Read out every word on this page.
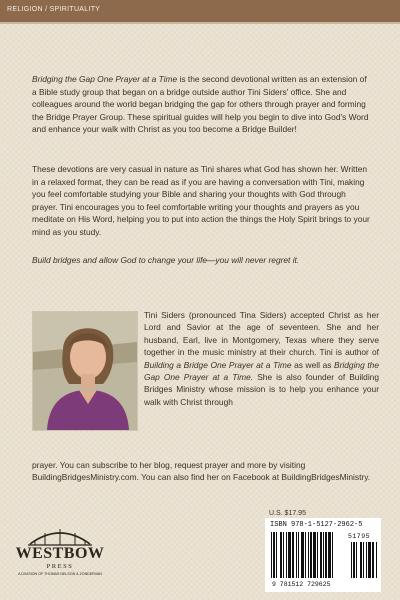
RELIGION / SPIRITUALITY

Bridging the Gap One Prayer at a Time is the second devotional written as an extension of a Bible study group that began on a bridge outside author Tini Siders' office. She and colleagues around the world began bridging the gap for others through prayer and forming the Bridge Prayer Group. These spiritual guides will help you begin to dive into God's Word and enhance your walk with Christ as you too become a Bridge Builder!

These devotions are very casual in nature as Tini shares what God has shown her. Written in a relaxed format, they can be read as if you are having a conversation with Tini, making you feel comfortable studying your Bible and sharing your thoughts with God through prayer. Tini encourages you to feel comfortable writing your thoughts and prayers as you meditate on His Word, helping you to put into action the things the Holy Spirit brings to your mind as you study.

Build bridges and allow God to change your life—you will never regret it.

Tini Siders (pronounced Tina Siders) accepted Christ as her Lord and Savior at the age of seventeen. She and her husband, Earl, live in Montgomery, Texas where they serve together in the music ministry at their church. Tini is author of Building a Bridge One Prayer at a Time as well as Bridging the Gap One Prayer at a Time. She is also founder of Building Bridges Ministry whose mission is to help you enhance your walk with Christ through

prayer. You can subscribe to her blog, request prayer and more by visiting BuildingBridgesMinistry.com. You can also find her on Facebook at BuildingBridgesMinistry.

WESTBOW
PRESS
A DIVISION OF THOMAS NELSON & ZONDERVAN
U.S. $17.95
ISBN 978-1-5127-2962-5
51795
9 781512 729625
